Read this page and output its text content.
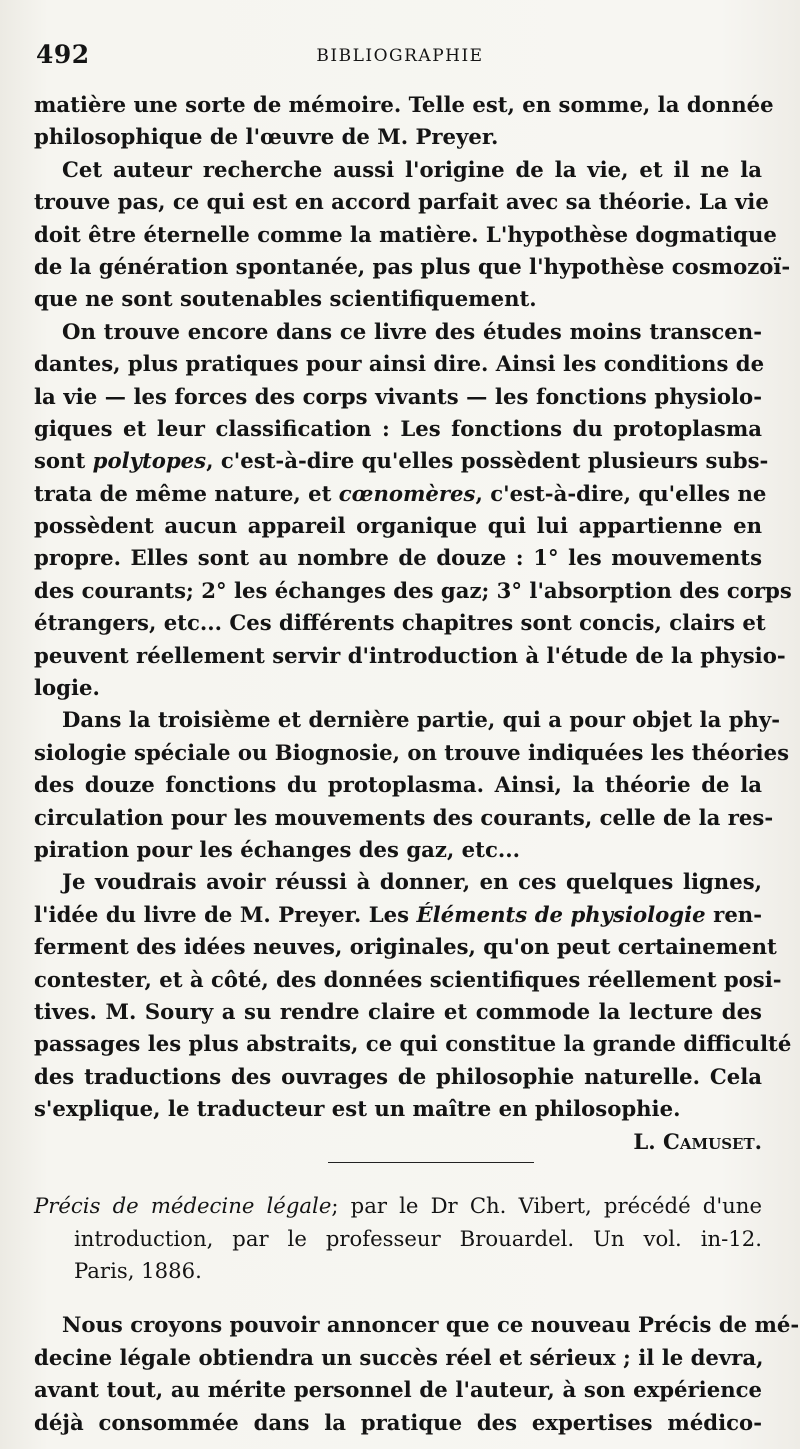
492	BIBLIOGRAPHIE
matière une sorte de mémoire. Telle est, en somme, la donnée
philosophique de l'œuvre de M. Preyer.
Cet auteur recherche aussi l'origine de la vie, et il ne la
trouve pas, ce qui est en accord parfait avec sa théorie. La vie
doit être éternelle comme la matière. L'hypothèse dogmatique
de la génération spontanée, pas plus que l'hypothèse cosmozoï-
que ne sont soutenables scientifiquement.
On trouve encore dans ce livre des études moins transcen-
dantes, plus pratiques pour ainsi dire. Ainsi les conditions de
la vie — les forces des corps vivants — les fonctions physiolo-
giques et leur classification : Les fonctions du protoplasma
sont polytopes, c'est-à-dire qu'elles possèdent plusieurs subs-
trata de même nature, et cœnomères, c'est-à-dire, qu'elles ne
possèdent aucun appareil organique qui lui appartienne en
propre. Elles sont au nombre de douze : 1° les mouvements
des courants; 2° les échanges des gaz; 3° l'absorption des corps
étrangers, etc... Ces différents chapitres sont concis, clairs et
peuvent réellement servir d'introduction à l'étude de la physio-
logie.
Dans la troisième et dernière partie, qui a pour objet la phy-
siologie spéciale ou Biognosie, on trouve indiquées les théories
des douze fonctions du protoplasma. Ainsi, la théorie de la
circulation pour les mouvements des courants, celle de la res-
piration pour les échanges des gaz, etc...
Je voudrais avoir réussi à donner, en ces quelques lignes,
l'idée du livre de M. Preyer. Les Éléments de physiologie ren-
ferment des idées neuves, originales, qu'on peut certainement
contester, et à côté, des données scientifiques réellement posi-
tives. M. Soury a su rendre claire et commode la lecture des
passages les plus abstraits, ce qui constitue la grande difficulté
des traductions des ouvrages de philosophie naturelle. Cela
s'explique, le traducteur est un maître en philosophie.
L. Camuset.
Précis de médecine légale; par le Dr Ch. Vibert, précédé d'une
introduction, par le professeur Brouardel. Un vol. in-12.
Paris, 1886.
Nous croyons pouvoir annoncer que ce nouveau Précis de mé-
decine légale obtiendra un succès réel et sérieux ; il le devra,
avant tout, au mérite personnel de l'auteur, à son expérience
déjà consommée dans la pratique des expertises médico-
